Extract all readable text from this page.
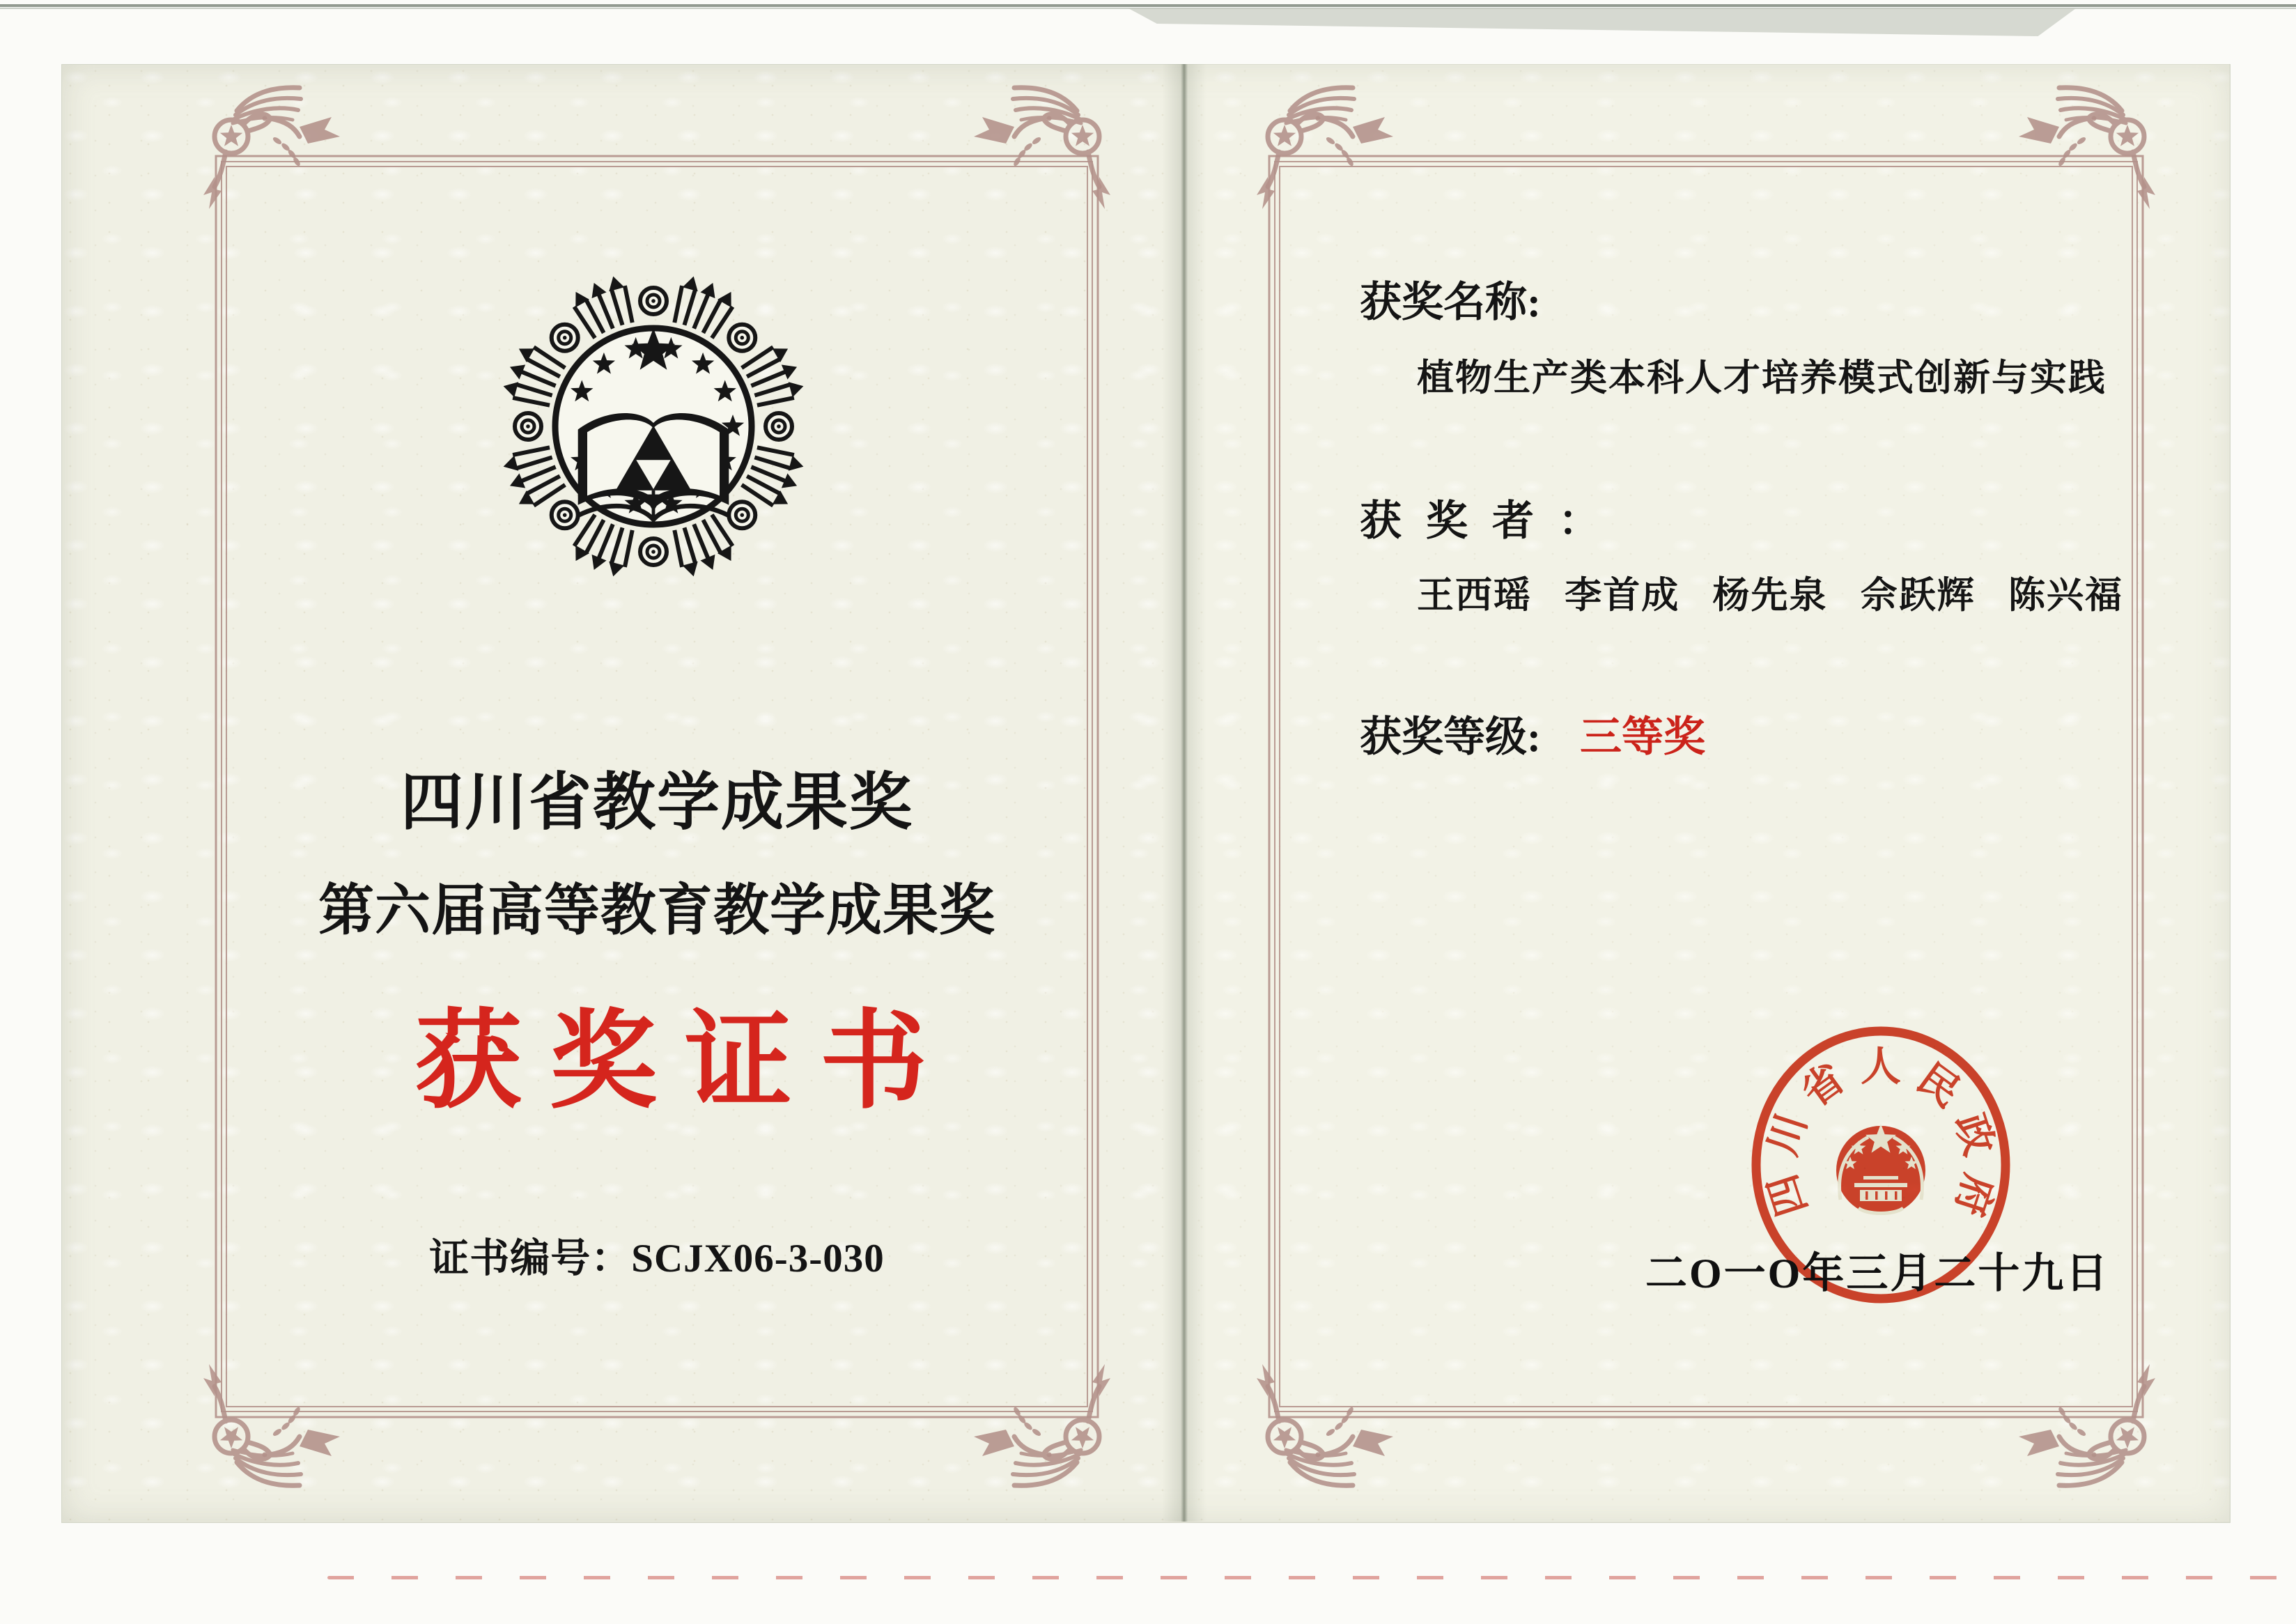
四川省教学成果奖
第六届高等教育教学成果奖
获奖证书
证书编号：SCJX06-3-030
获奖名称:
植物生产类本科人才培养模式创新与实践
获 奖 者 ：
王西瑶 李首成 杨先泉 佘跃辉 陈兴福
获奖等级: 三等奖
四
川
省 人 民
政
府
二O一O年三月二十九日
